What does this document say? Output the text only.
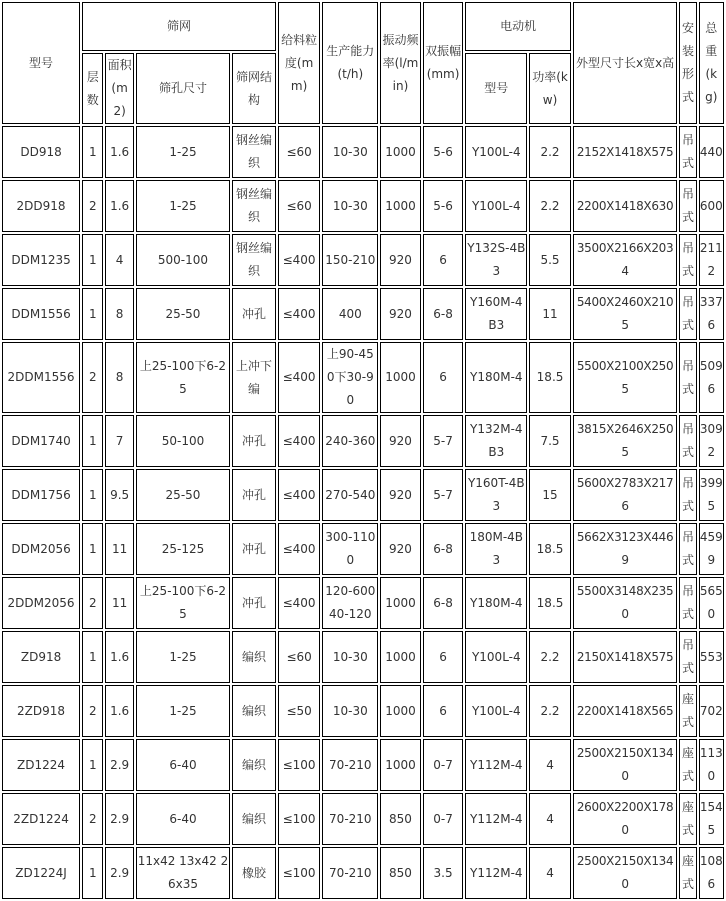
型号	筛网				给料粒度(mm)	生产能力(t/h)	振动频率(l/min)	双振幅(mm)	电动机		外型尺寸长x宽x高	安装形式	总重(kg)
	层数	面积(m2)	筛孔尺寸	筛网结构					型号	功率(kw)			
DD918	1	1.6	1-25	钢丝编织	≤60	10-30	1000	5-6	Y100L-4	2.2	2152X1418X575	吊式	440
2DD918	2	1.6	1-25	钢丝编织	≤60	10-30	1000	5-6	Y100L-4	2.2	2200X1418X630	吊式	600
DDM1235	1	4	500-100	钢丝编织	≤400	150-210	920	6	Y132S-4B3	5.5	3500X2166X2034	吊式	2112
DDM1556	1	8	25-50	冲孔	≤400	400	920	6-8	Y160M-4B3	11	5400X2460X2105	吊式	3376
2DDM1556	2	8	上25-100下6-25	上冲下编	≤400	上90-450下30-90	1000	6	Y180M-4	18.5	5500X2100X2505	吊式	5096
DDM1740	1	7	50-100	冲孔	≤400	240-360	920	5-7	Y132M-4B3	7.5	3815X2646X2505	吊式	3092
DDM1756	1	9.5	25-50	冲孔	≤400	270-540	920	5-7	Y160T-4B3	15	5600X2783X2176	吊式	3995
DDM2056	1	11	25-125	冲孔	≤400	300-1100	920	6-8	180M-4B3	18.5	5662X3123X4469	吊式	4599
2DDM2056	2	11	上25-100下6-25	冲孔	≤400	120-600 40-120	1000	6-8	Y180M-4	18.5	5500X3148X2350	吊式	5650
ZD918	1	1.6	1-25	编织	≤60	10-30	1000	6	Y100L-4	2.2	2150X1418X575	吊式	553
2ZD918	2	1.6	1-25	编织	≤50	10-30	1000	6	Y100L-4	2.2	2200X1418X565	座式	702
ZD1224	1	2.9	6-40	编织	≤100	70-210	1000	0-7	Y112M-4	4	2500X2150X1340	座式	1130
2ZD1224	2	2.9	6-40	编织	≤100	70-210	850	0-7	Y112M-4	4	2600X2200X1780	座式	1545
ZD1224J	1	2.9	11x42 13x42 26x35	橡胶	≤100	70-210	850	3.5	Y112M-4	4	2500X2150X1340	座式	1086
